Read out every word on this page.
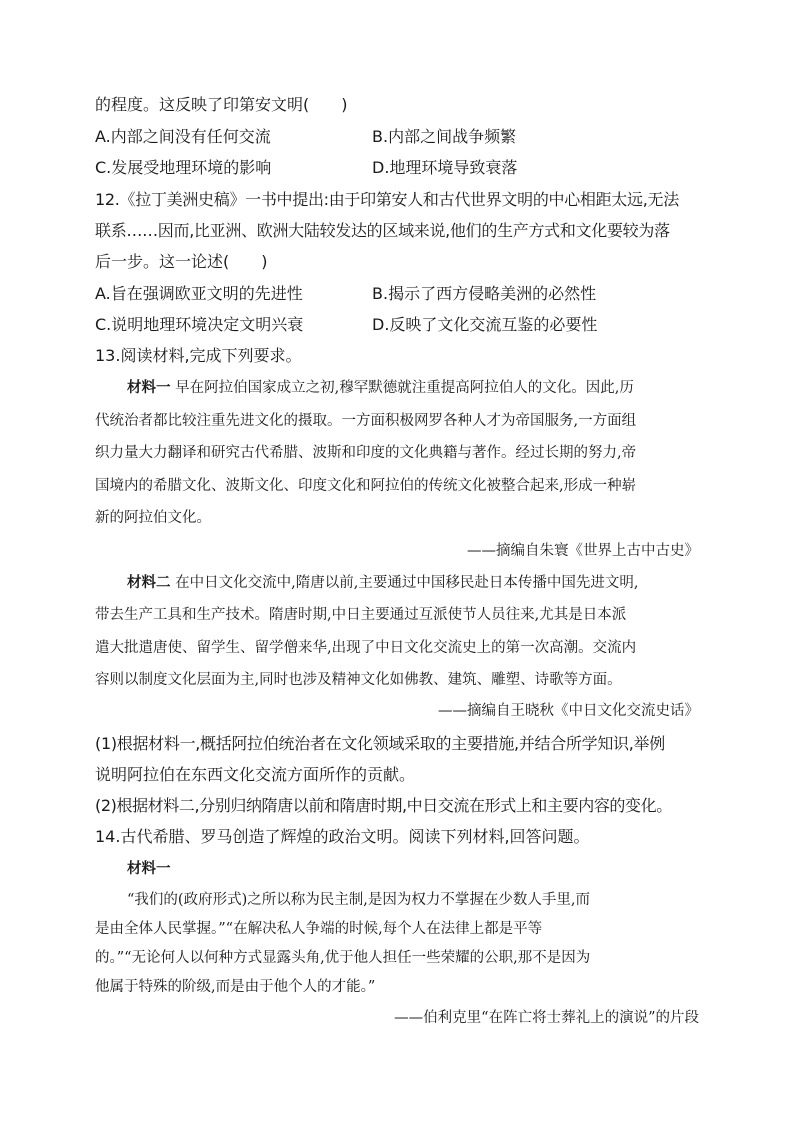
的程度。这反映了印第安文明(　　)
A.内部之间没有任何交流	B.内部之间战争频繁
C.发展受地理环境的影响	D.地理环境导致衰落
12.《拉丁美洲史稿》一书中提出:由于印第安人和古代世界文明的中心相距太远,无法
联系……因而,比亚洲、欧洲大陆较发达的区域来说,他们的生产方式和文化要较为落
后一步。这一论述(　　)
A.旨在强调欧亚文明的先进性	B.揭示了西方侵略美洲的必然性
C.说明地理环境决定文明兴衰	D.反映了文化交流互鉴的必要性
13.阅读材料,完成下列要求。
材料一 早在阿拉伯国家成立之初,穆罕默德就注重提高阿拉伯人的文化。因此,历
代统治者都比较注重先进文化的摄取。一方面积极网罗各种人才为帝国服务,一方面组
织力量大力翻译和研究古代希腊、波斯和印度的文化典籍与著作。经过长期的努力,帝
国境内的希腊文化、波斯文化、印度文化和阿拉伯的传统文化被整合起来,形成一种崭
新的阿拉伯文化。
——摘编自朱寰《世界上古中古史》
材料二 在中日文化交流中,隋唐以前,主要通过中国移民赴日本传播中国先进文明,
带去生产工具和生产技术。隋唐时期,中日主要通过互派使节人员往来,尤其是日本派
遣大批遣唐使、留学生、留学僧来华,出现了中日文化交流史上的第一次高潮。交流内
容则以制度文化层面为主,同时也涉及精神文化如佛教、建筑、雕塑、诗歌等方面。
——摘编自王晓秋《中日文化交流史话》
(1)根据材料一,概括阿拉伯统治者在文化领域采取的主要措施,并结合所学知识,举例
说明阿拉伯在东西文化交流方面所作的贡献。
(2)根据材料二,分别归纳隋唐以前和隋唐时期,中日交流在形式上和主要内容的变化。
14.古代希腊、罗马创造了辉煌的政治文明。阅读下列材料,回答问题。
材料一
“我们的(政府形式)之所以称为民主制,是因为权力不掌握在少数人手里,而
是由全体人民掌握。”“在解决私人争端的时候,每个人在法律上都是平等
的。”“无论何人以何种方式显露头角,优于他人担任一些荣耀的公职,那不是因为
他属于特殊的阶级,而是由于他个人的才能。”
——伯利克里“在阵亡将士葬礼上的演说”的片段
